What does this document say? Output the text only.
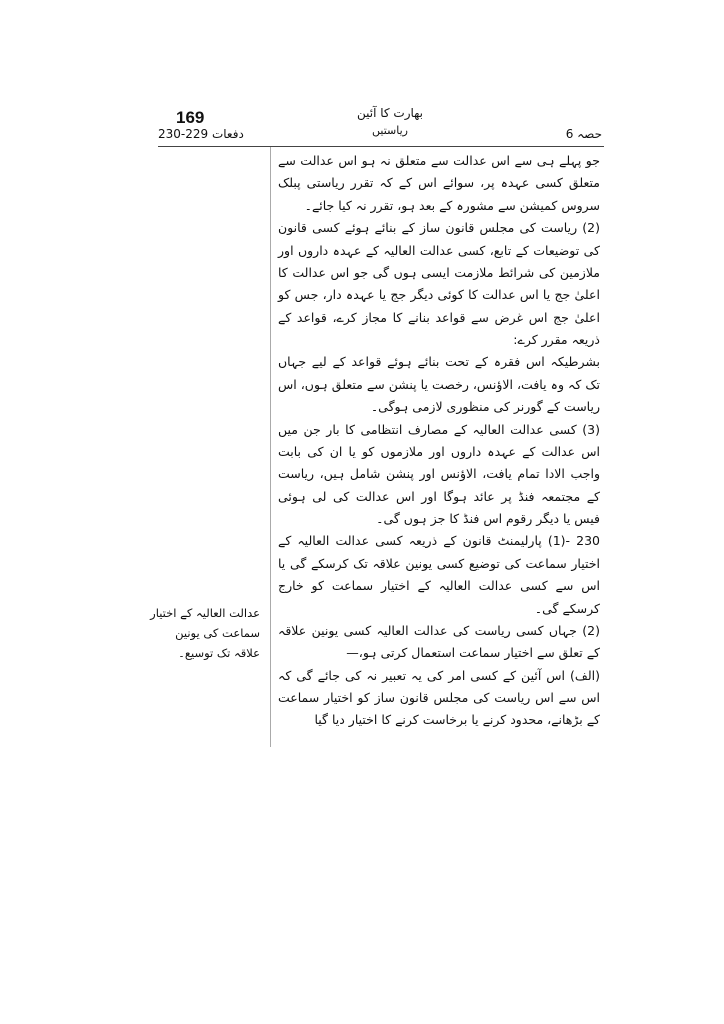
169
دفعات 229-230
بھارت کا آئین
ریاستیں	حصہ 6

جو پہلے ہی سے اس عدالت سے متعلق نہ ہو اس عدالت سے متعلق کسی عہدہ پر، سوائے اس کے کہ تقرر ریاستی پبلک سروس کمیشن سے مشورہ کے بعد ہو، تقرر نہ کیا جائے۔

(2) ریاست کی مجلس قانون ساز کے بنائے ہوئے کسی قانون کی توضیعات کے تابع، کسی عدالت العالیہ کے عہدہ داروں اور ملازمین کی شرائط ملازمت ایسی ہوں گی جو اس عدالت کا اعلیٰ جج یا اس عدالت کا کوئی دیگر جج یا عہدہ دار، جس کو اعلیٰ جج اس غرض سے قواعد بنانے کا مجاز کرے، قواعد کے ذریعہ مقرر کرے:

بشرطیکہ اس فقرہ کے تحت بنائے ہوئے قواعد کے لیے جہاں تک کہ وہ یافت، الاؤنس، رخصت یا پنشن سے متعلق ہوں، اس ریاست کے گورنر کی منظوری لازمی ہوگی۔

(3) کسی عدالت العالیہ کے مصارف انتظامی کا بار جن میں اس عدالت کے عہدہ داروں اور ملازموں کو یا ان کی بابت واجب الادا تمام یافت، الاؤنس اور پنشن شامل ہیں، ریاست کے مجتمعہ فنڈ پر عائد ہوگا اور اس عدالت کی لی ہوئی فیس یا دیگر رقوم اس فنڈ کا جز ہوں گی۔

230 -(1) پارلیمنٹ قانون کے ذریعہ کسی عدالت العالیہ کے اختیار سماعت کی توضیع کسی یونین علاقہ تک کرسکے گی یا اس سے کسی عدالت العالیہ کے اختیار سماعت کو خارج کرسکے گی۔

(2) جہاں کسی ریاست کی عدالت العالیہ کسی یونین علاقہ کے تعلق سے اختیار سماعت استعمال کرتی ہو،—

(الف) اس آئین کے کسی امر کی یہ تعبیر نہ کی جائے گی کہ اس سے اس ریاست کی مجلس قانون ساز کو اختیار سماعت کے بڑھانے، محدود کرنے یا برخاست کرنے کا اختیار دیا گیا

عدالت العالیہ کے اختیار سماعت کی یونین علاقہ تک توسیع۔
